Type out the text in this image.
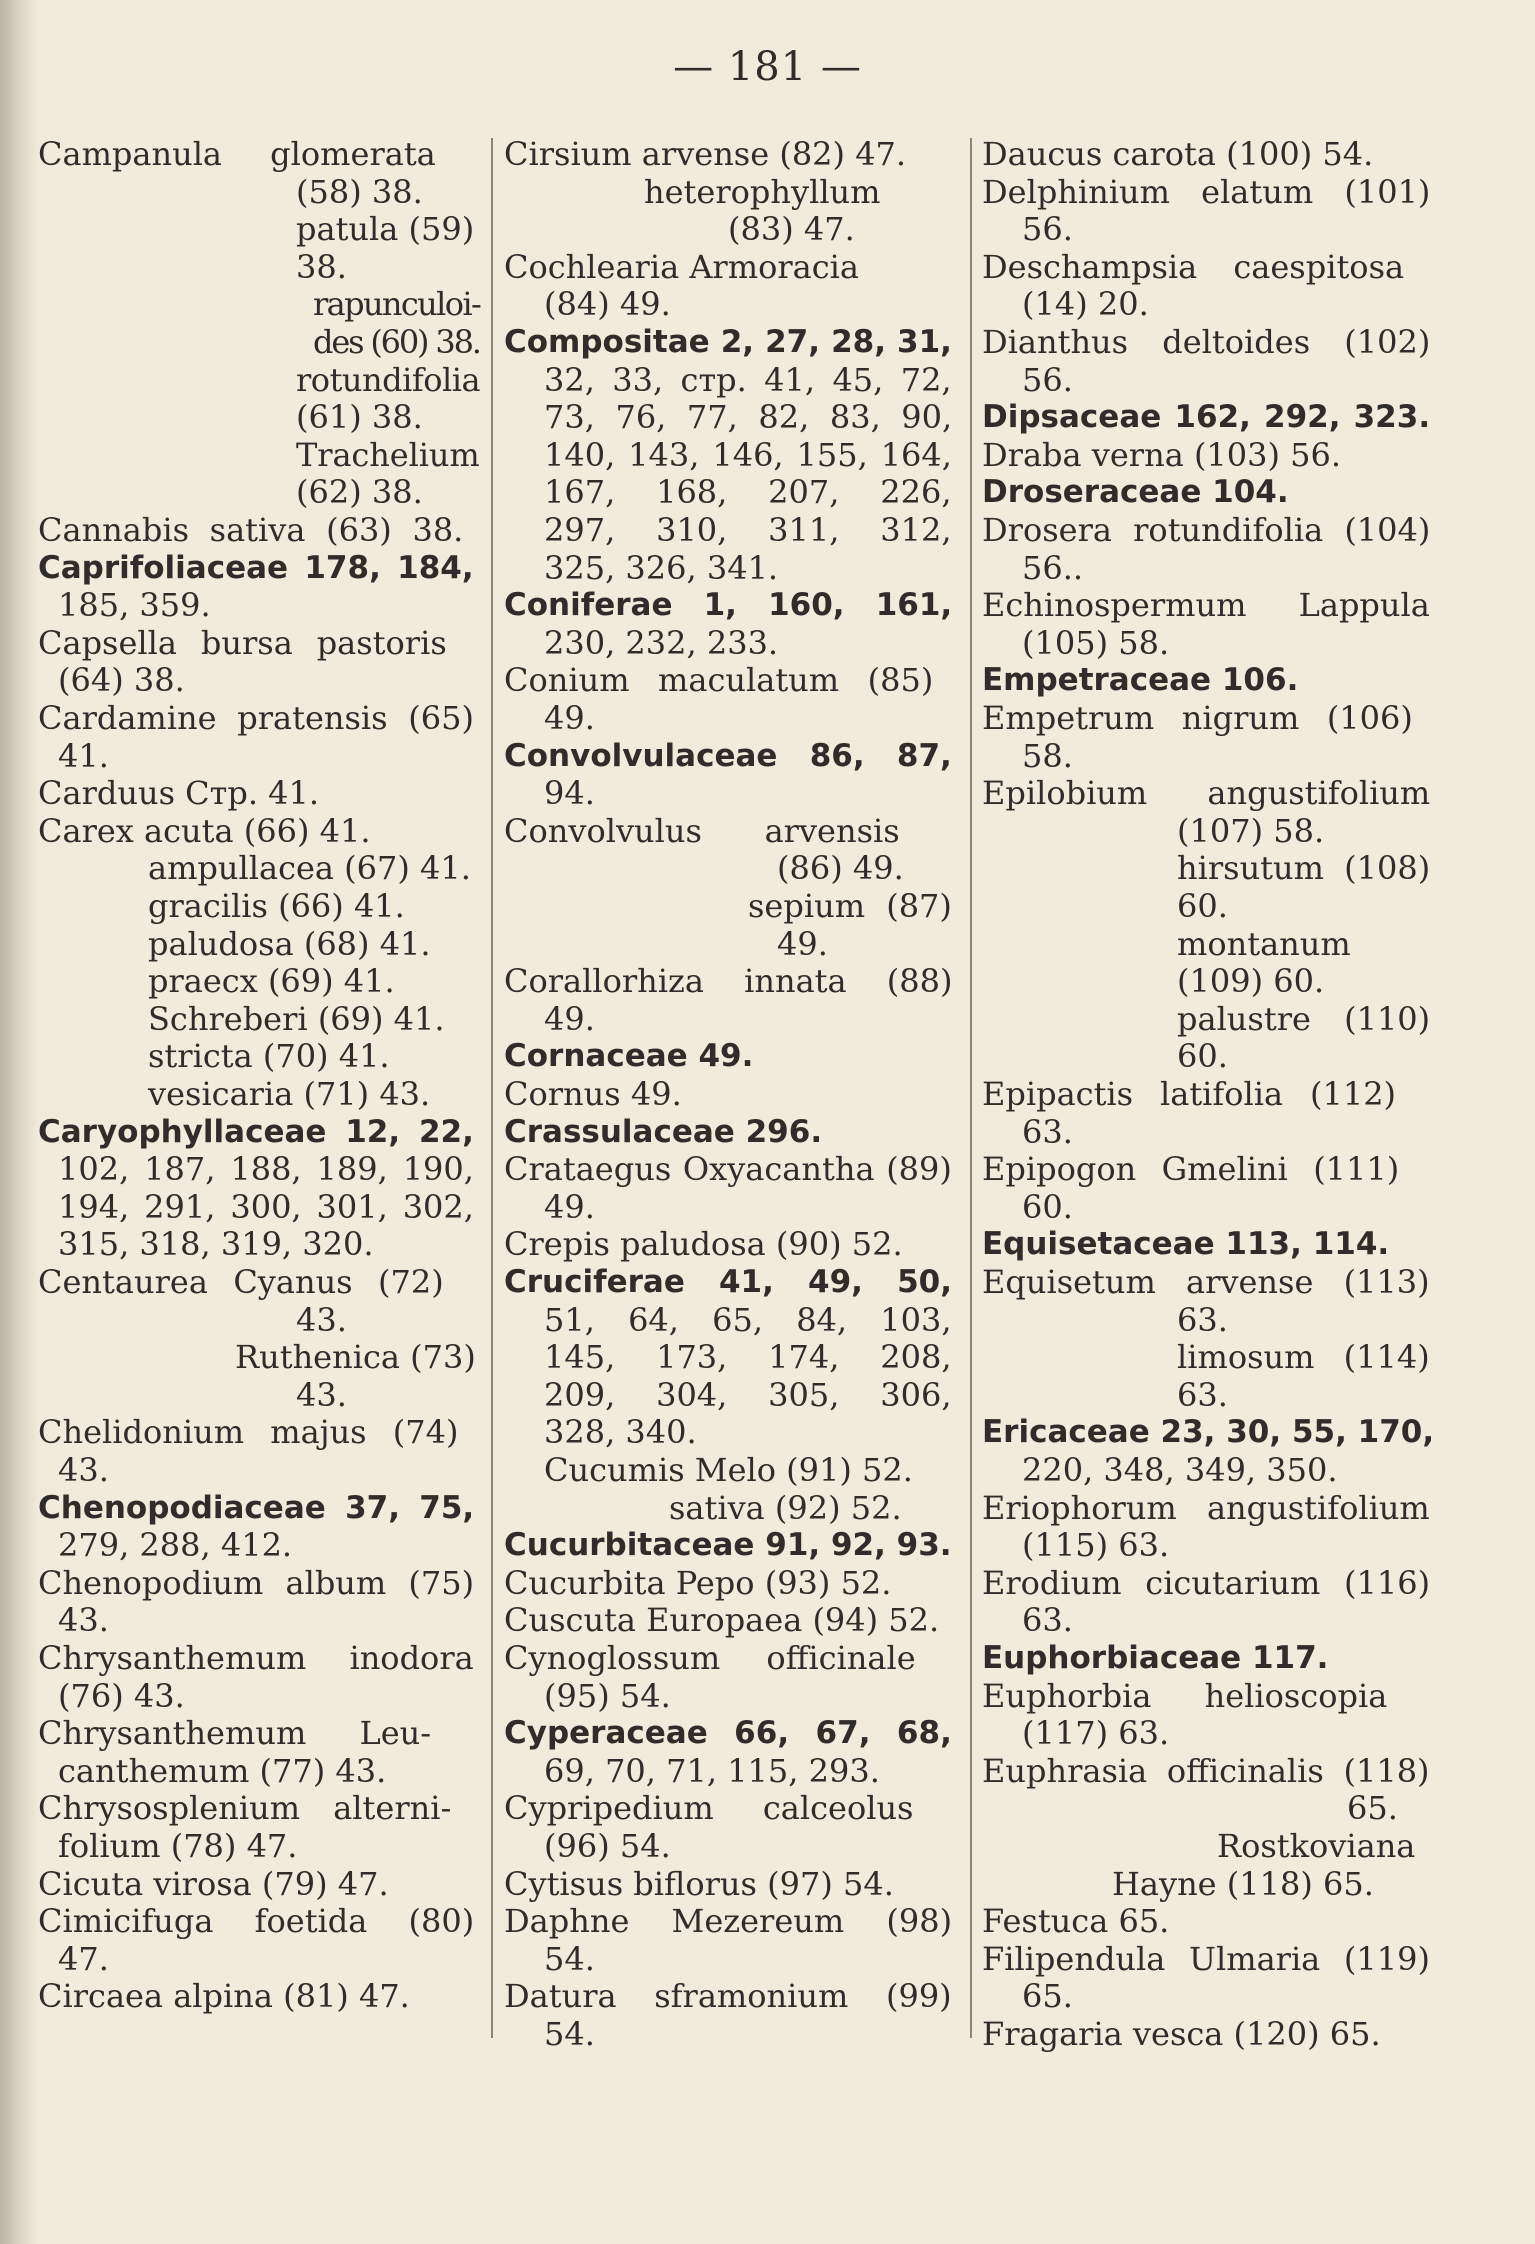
— 181 —

Campanula glomerata

(58) 38.

patula (59)

38.

rapunculoi-

des (60) 38.

rotundifolia

(61) 38.

Trachelium

(62) 38.

Cannabis sativa (63) 38.

Caprifoliaceae 178, 184,

185, 359.

Capsella bursa pastoris

(64) 38.

Cardamine pratensis (65)

41.

Carduus Стр. 41.

Carex acuta (66) 41.

ampullacea (67) 41.

gracilis (66) 41.

paludosa (68) 41.

praecx (69) 41.

Schreberi (69) 41.

stricta (70) 41.

vesicaria (71) 43.

Caryophyllaceae 12, 22,

102, 187, 188, 189, 190,

194, 291, 300, 301, 302,

315, 318, 319, 320.

Centaurea Cyanus (72)

43.

Ruthenica (73)

43.

Chelidonium majus (74)

43.

Chenopodiaceae 37, 75,

279, 288, 412.

Chenopodium album (75)

43.

Chrysanthemum inodora

(76) 43.

Chrysanthemum Leu-

canthemum (77) 43.

Chrysosplenium alterni-

folium (78) 47.

Cicuta virosa (79) 47.

Cimicifuga foetida (80)

47.

Circaea alpina (81) 47.

Cirsium arvense (82) 47.

heterophyllum

(83) 47.

Cochlearia Armoracia

(84) 49.

Compositae 2, 27, 28, 31,

32, 33, стр. 41, 45, 72,

73, 76, 77, 82, 83, 90,

140, 143, 146, 155, 164,

167, 168, 207, 226,

297, 310, 311, 312,

325, 326, 341.

Coniferae 1, 160, 161,

230, 232, 233.

Conium maculatum (85)

49.

Convolvulaceae 86, 87,

94.

Convolvulus arvensis

(86) 49.

sepium (87)

49.

Corallorhiza innata (88)

49.

Cornaceae 49.

Cornus 49.

Crassulaceae 296.

Crataegus Oxyacantha (89)

49.

Crepis paludosa (90) 52.

Cruciferae 41, 49, 50,

51, 64, 65, 84, 103,

145, 173, 174, 208,

209, 304, 305, 306,

328, 340.

Cucumis Melo (91) 52.

sativa (92) 52.

Cucurbitaceae 91, 92, 93.

Cucurbita Pepo (93) 52.

Cuscuta Europaea (94) 52.

Cynoglossum officinale

(95) 54.

Cyperaceae 66, 67, 68,

69, 70, 71, 115, 293.

Cypripedium calceolus

(96) 54.

Cytisus biflorus (97) 54.

Daphne Mezereum (98)

54.

Datura sframonium (99)

54.

Daucus carota (100) 54.

Delphinium elatum (101)

56.

Deschampsia caespitosa

(14) 20.

Dianthus deltoides (102)

56.

Dipsaceae 162, 292, 323.

Draba verna (103) 56.

Droseraceae 104.

Drosera rotundifolia (104)

56..

Echinospermum Lappula

(105) 58.

Empetraceae 106.

Empetrum nigrum (106)

58.

Epilobium angustifolium

(107) 58.

hirsutum (108)

60.

montanum

(109) 60.

palustre (110)

60.

Epipactis latifolia (112)

63.

Epipogon Gmelini (111)

60.

Equisetaceae 113, 114.

Equisetum arvense (113)

63.

limosum (114)

63.

Ericaceae 23, 30, 55, 170,

220, 348, 349, 350.

Eriophorum angustifolium

(115) 63.

Erodium cicutarium (116)

63.

Euphorbiaceae 117.

Euphorbia helioscopia

(117) 63.

Euphrasia officinalis (118)

65.

Rostkoviana

Hayne (118) 65.

Festuca 65.

Filipendula Ulmaria (119)

65.

Fragaria vesca (120) 65.
